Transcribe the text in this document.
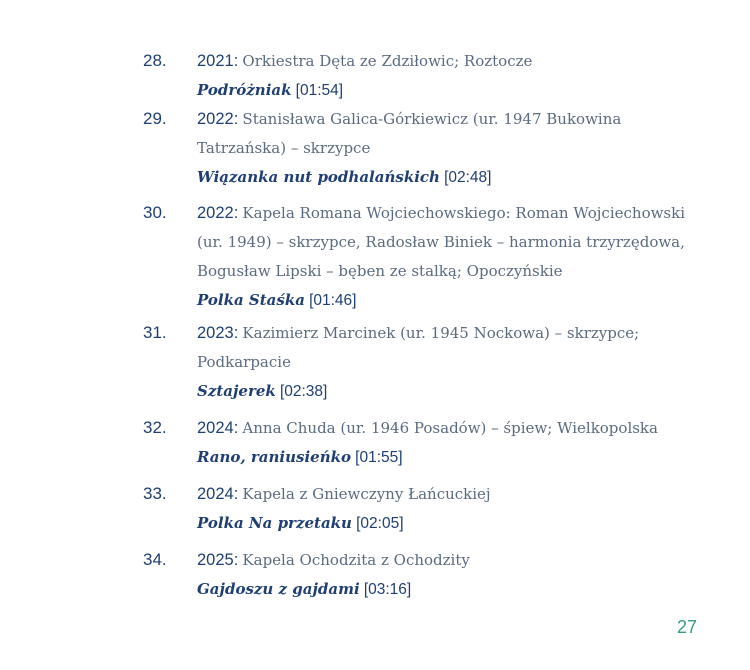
28. 2021: Orkiestra Dęta ze Zdziłowic; Roztocze
Podróżniak [01:54]
29. 2022: Stanisława Galica-Górkiewicz (ur. 1947 Bukowina
Tatrzańska) – skrzypce
Wiązanka nut podhalańskich [02:48]
30. 2022: Kapela Romana Wojciechowskiego: Roman Wojciechowski
(ur. 1949) – skrzypce, Radosław Biniek – harmonia trzyrzędowa,
Bogusław Lipski – bęben ze stalką; Opoczyńskie
Polka Staśka [01:46]
31. 2023: Kazimierz Marcinek (ur. 1945 Nockowa) – skrzypce;
Podkarpacie
Sztajerek [02:38]
32. 2024: Anna Chuda (ur. 1946 Posadów) – śpiew; Wielkopolska
Rano, raniusieńko [01:55]
33. 2024: Kapela z Gniewczyny Łańcuckiej
Polka Na przetaku [02:05]
34. 2025: Kapela Ochodzita z Ochodzity
Gajdoszu z gajdami [03:16]
27
